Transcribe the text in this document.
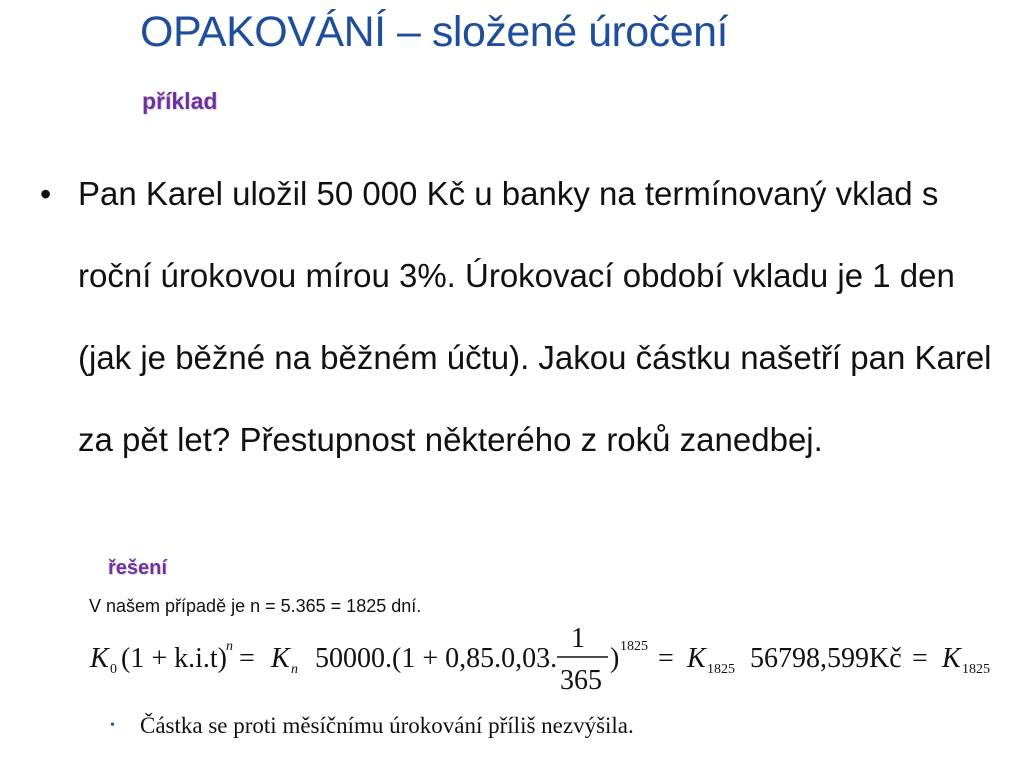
OPAKOVÁNÍ – složené úročení
příklad
• Pan Karel uložil 50 000 Kč u banky na termínovaný vklad s roční úrokovou mírou 3%. Úrokovací období vkladu je 1 den (jak je běžné na běžném účtu). Jakou částku našetří pan Karel za pět let? Přestupnost některého z roků zanedbej.
řešení
V našem případě je n = 5.365 = 1825 dní.
K 0 (1 + k.i.t) n = K n 50000.(1 + 0,85.0,03.
1
365
) 1825 = K 1825 56798,599Kč = K 1825
• Částka se proti měsíčnímu úrokování příliš nezvýšila.
